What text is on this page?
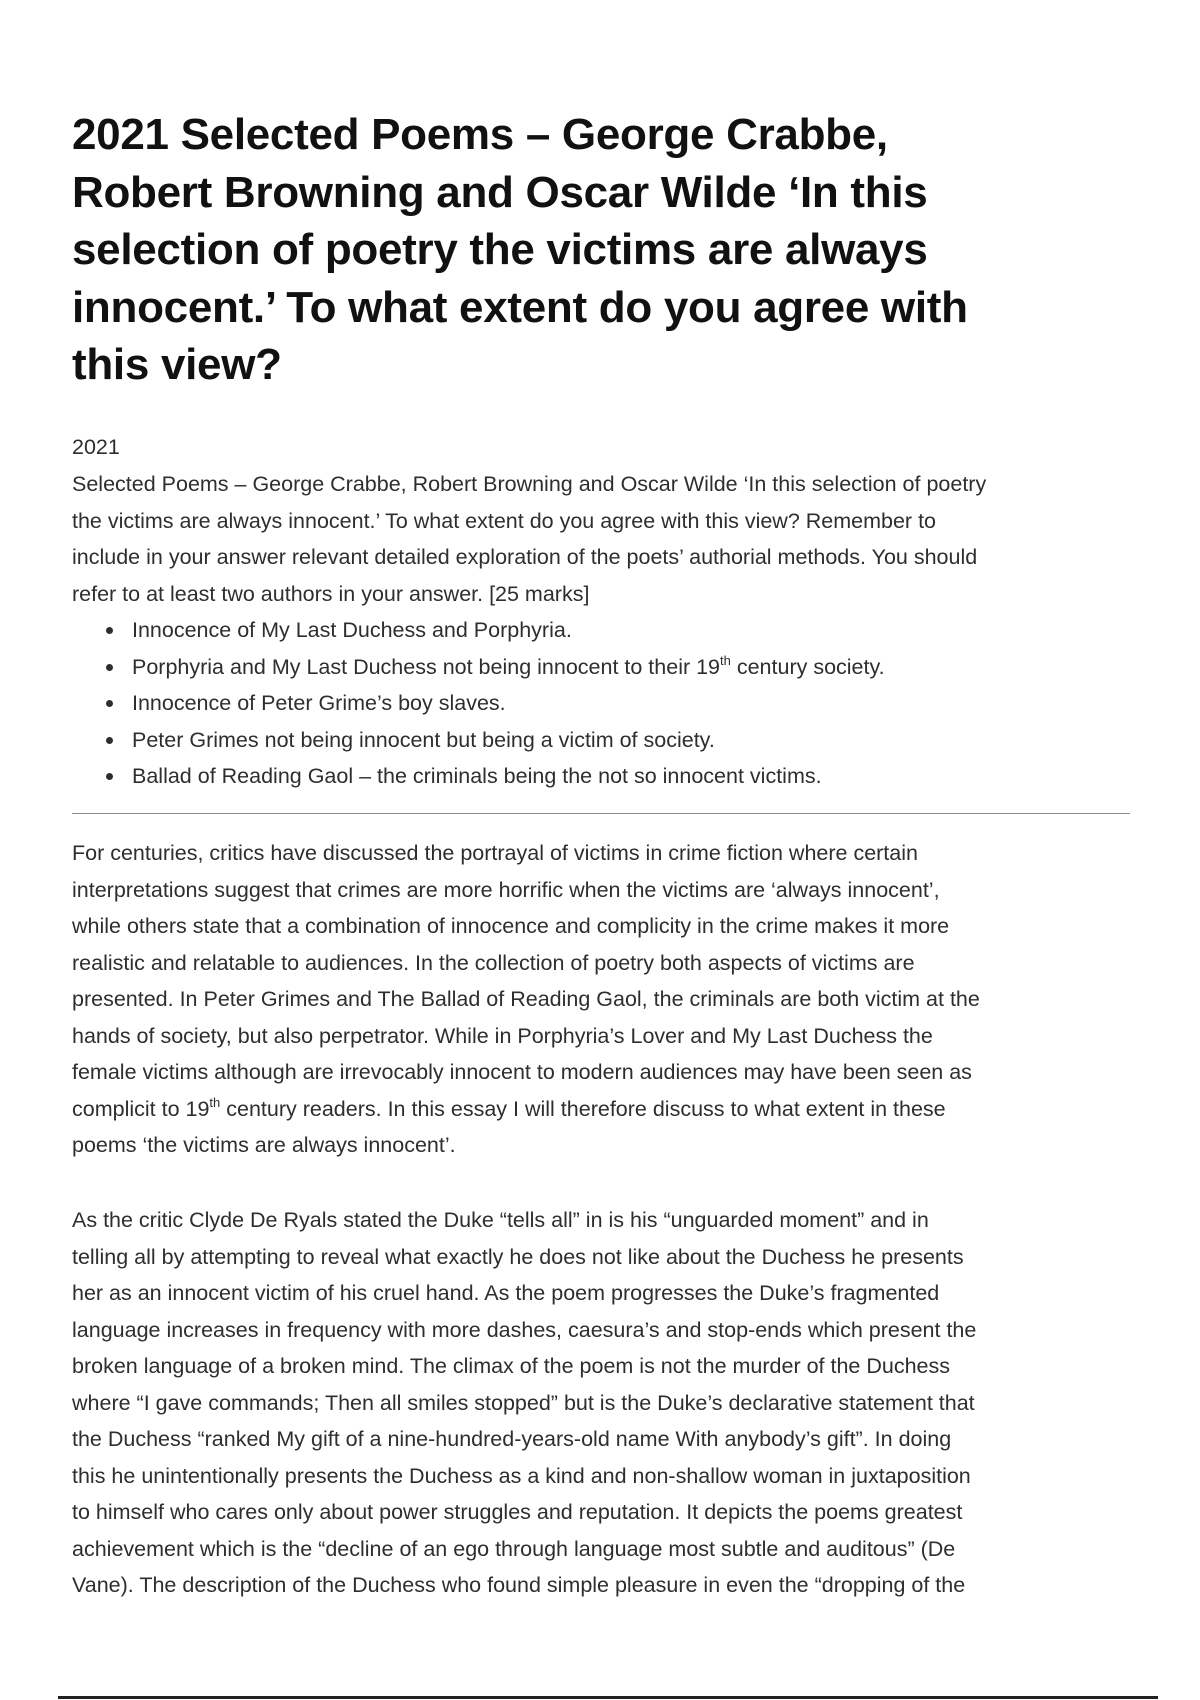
2021 Selected Poems – George Crabbe,
Robert Browning and Oscar Wilde ‘In this
selection of poetry the victims are always
innocent.’ To what extent do you agree with
this view?
2021
Selected Poems – George Crabbe, Robert Browning and Oscar Wilde ‘In this selection of poetry
the victims are always innocent.’ To what extent do you agree with this view? Remember to
include in your answer relevant detailed exploration of the poets’ authorial methods. You should
refer to at least two authors in your answer. [25 marks]
Innocence of My Last Duchess and Porphyria.
Porphyria and My Last Duchess not being innocent to their 19th century society.
Innocence of Peter Grime’s boy slaves.
Peter Grimes not being innocent but being a victim of society.
Ballad of Reading Gaol – the criminals being the not so innocent victims.
For centuries, critics have discussed the portrayal of victims in crime fiction where certain
interpretations suggest that crimes are more horrific when the victims are ‘always innocent’,
while others state that a combination of innocence and complicity in the crime makes it more
realistic and relatable to audiences. In the collection of poetry both aspects of victims are
presented. In Peter Grimes and The Ballad of Reading Gaol, the criminals are both victim at the
hands of society, but also perpetrator. While in Porphyria’s Lover and My Last Duchess the
female victims although are irrevocably innocent to modern audiences may have been seen as
complicit to 19th century readers. In this essay I will therefore discuss to what extent in these
poems ‘the victims are always innocent’.
As the critic Clyde De Ryals stated the Duke “tells all” in is his “unguarded moment” and in
telling all by attempting to reveal what exactly he does not like about the Duchess he presents
her as an innocent victim of his cruel hand. As the poem progresses the Duke’s fragmented
language increases in frequency with more dashes, caesura’s and stop-ends which present the
broken language of a broken mind. The climax of the poem is not the murder of the Duchess
where “I gave commands; Then all smiles stopped” but is the Duke’s declarative statement that
the Duchess “ranked My gift of a nine-hundred-years-old name With anybody’s gift”. In doing
this he unintentionally presents the Duchess as a kind and non-shallow woman in juxtaposition
to himself who cares only about power struggles and reputation. It depicts the poems greatest
achievement which is the “decline of an ego through language most subtle and auditous” (De
Vane). The description of the Duchess who found simple pleasure in even the “dropping of the
